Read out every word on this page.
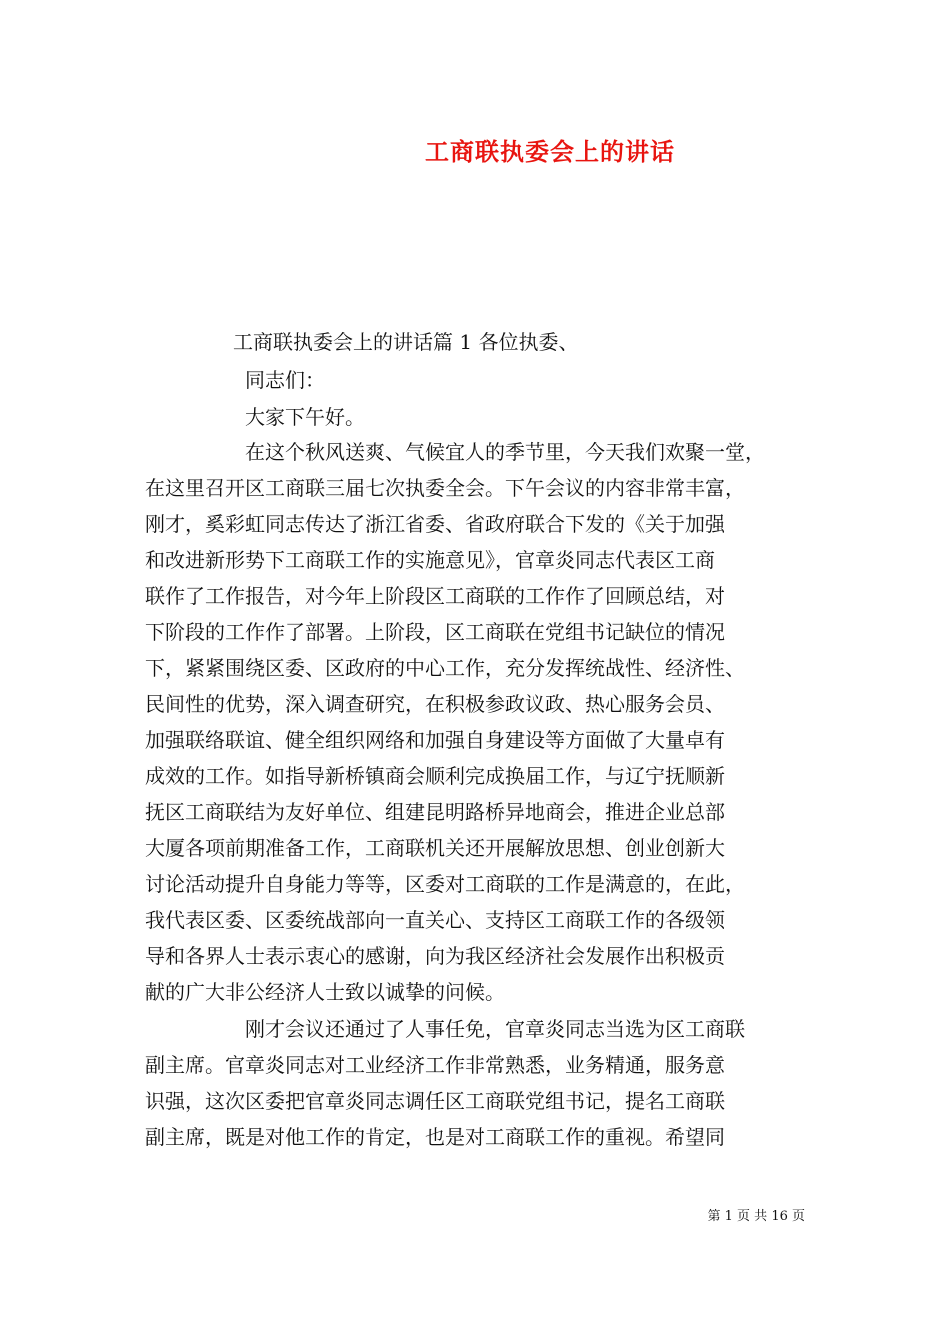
工商联执委会上的讲话
工商联执委会上的讲话篇 1 各位执委、
同志们：
大家下午好。
在这个秋风送爽、气候宜人的季节里，今天我们欢聚一堂，
在这里召开区工商联三届七次执委全会。下午会议的内容非常丰富，
刚才，奚彩虹同志传达了浙江省委、省政府联合下发的《关于加强
和改进新形势下工商联工作的实施意见》，官章炎同志代表区工商
联作了工作报告，对今年上阶段区工商联的工作作了回顾总结，对
下阶段的工作作了部署。上阶段，区工商联在党组书记缺位的情况
下，紧紧围绕区委、区政府的中心工作，充分发挥统战性、经济性、
民间性的优势，深入调查研究，在积极参政议政、热心服务会员、
加强联络联谊、健全组织网络和加强自身建设等方面做了大量卓有
成效的工作。如指导新桥镇商会顺利完成换届工作，与辽宁抚顺新
抚区工商联结为友好单位、组建昆明路桥异地商会，推进企业总部
大厦各项前期准备工作，工商联机关还开展解放思想、创业创新大
讨论活动提升自身能力等等，区委对工商联的工作是满意的，在此，
我代表区委、区委统战部向一直关心、支持区工商联工作的各级领
导和各界人士表示衷心的感谢，向为我区经济社会发展作出积极贡
献的广大非公经济人士致以诚挚的问候。
刚才会议还通过了人事任免，官章炎同志当选为区工商联
副主席。官章炎同志对工业经济工作非常熟悉，业务精通，服务意
识强，这次区委把官章炎同志调任区工商联党组书记，提名工商联
副主席，既是对他工作的肯定，也是对工商联工作的重视。希望同
第 1 页 共 16 页
